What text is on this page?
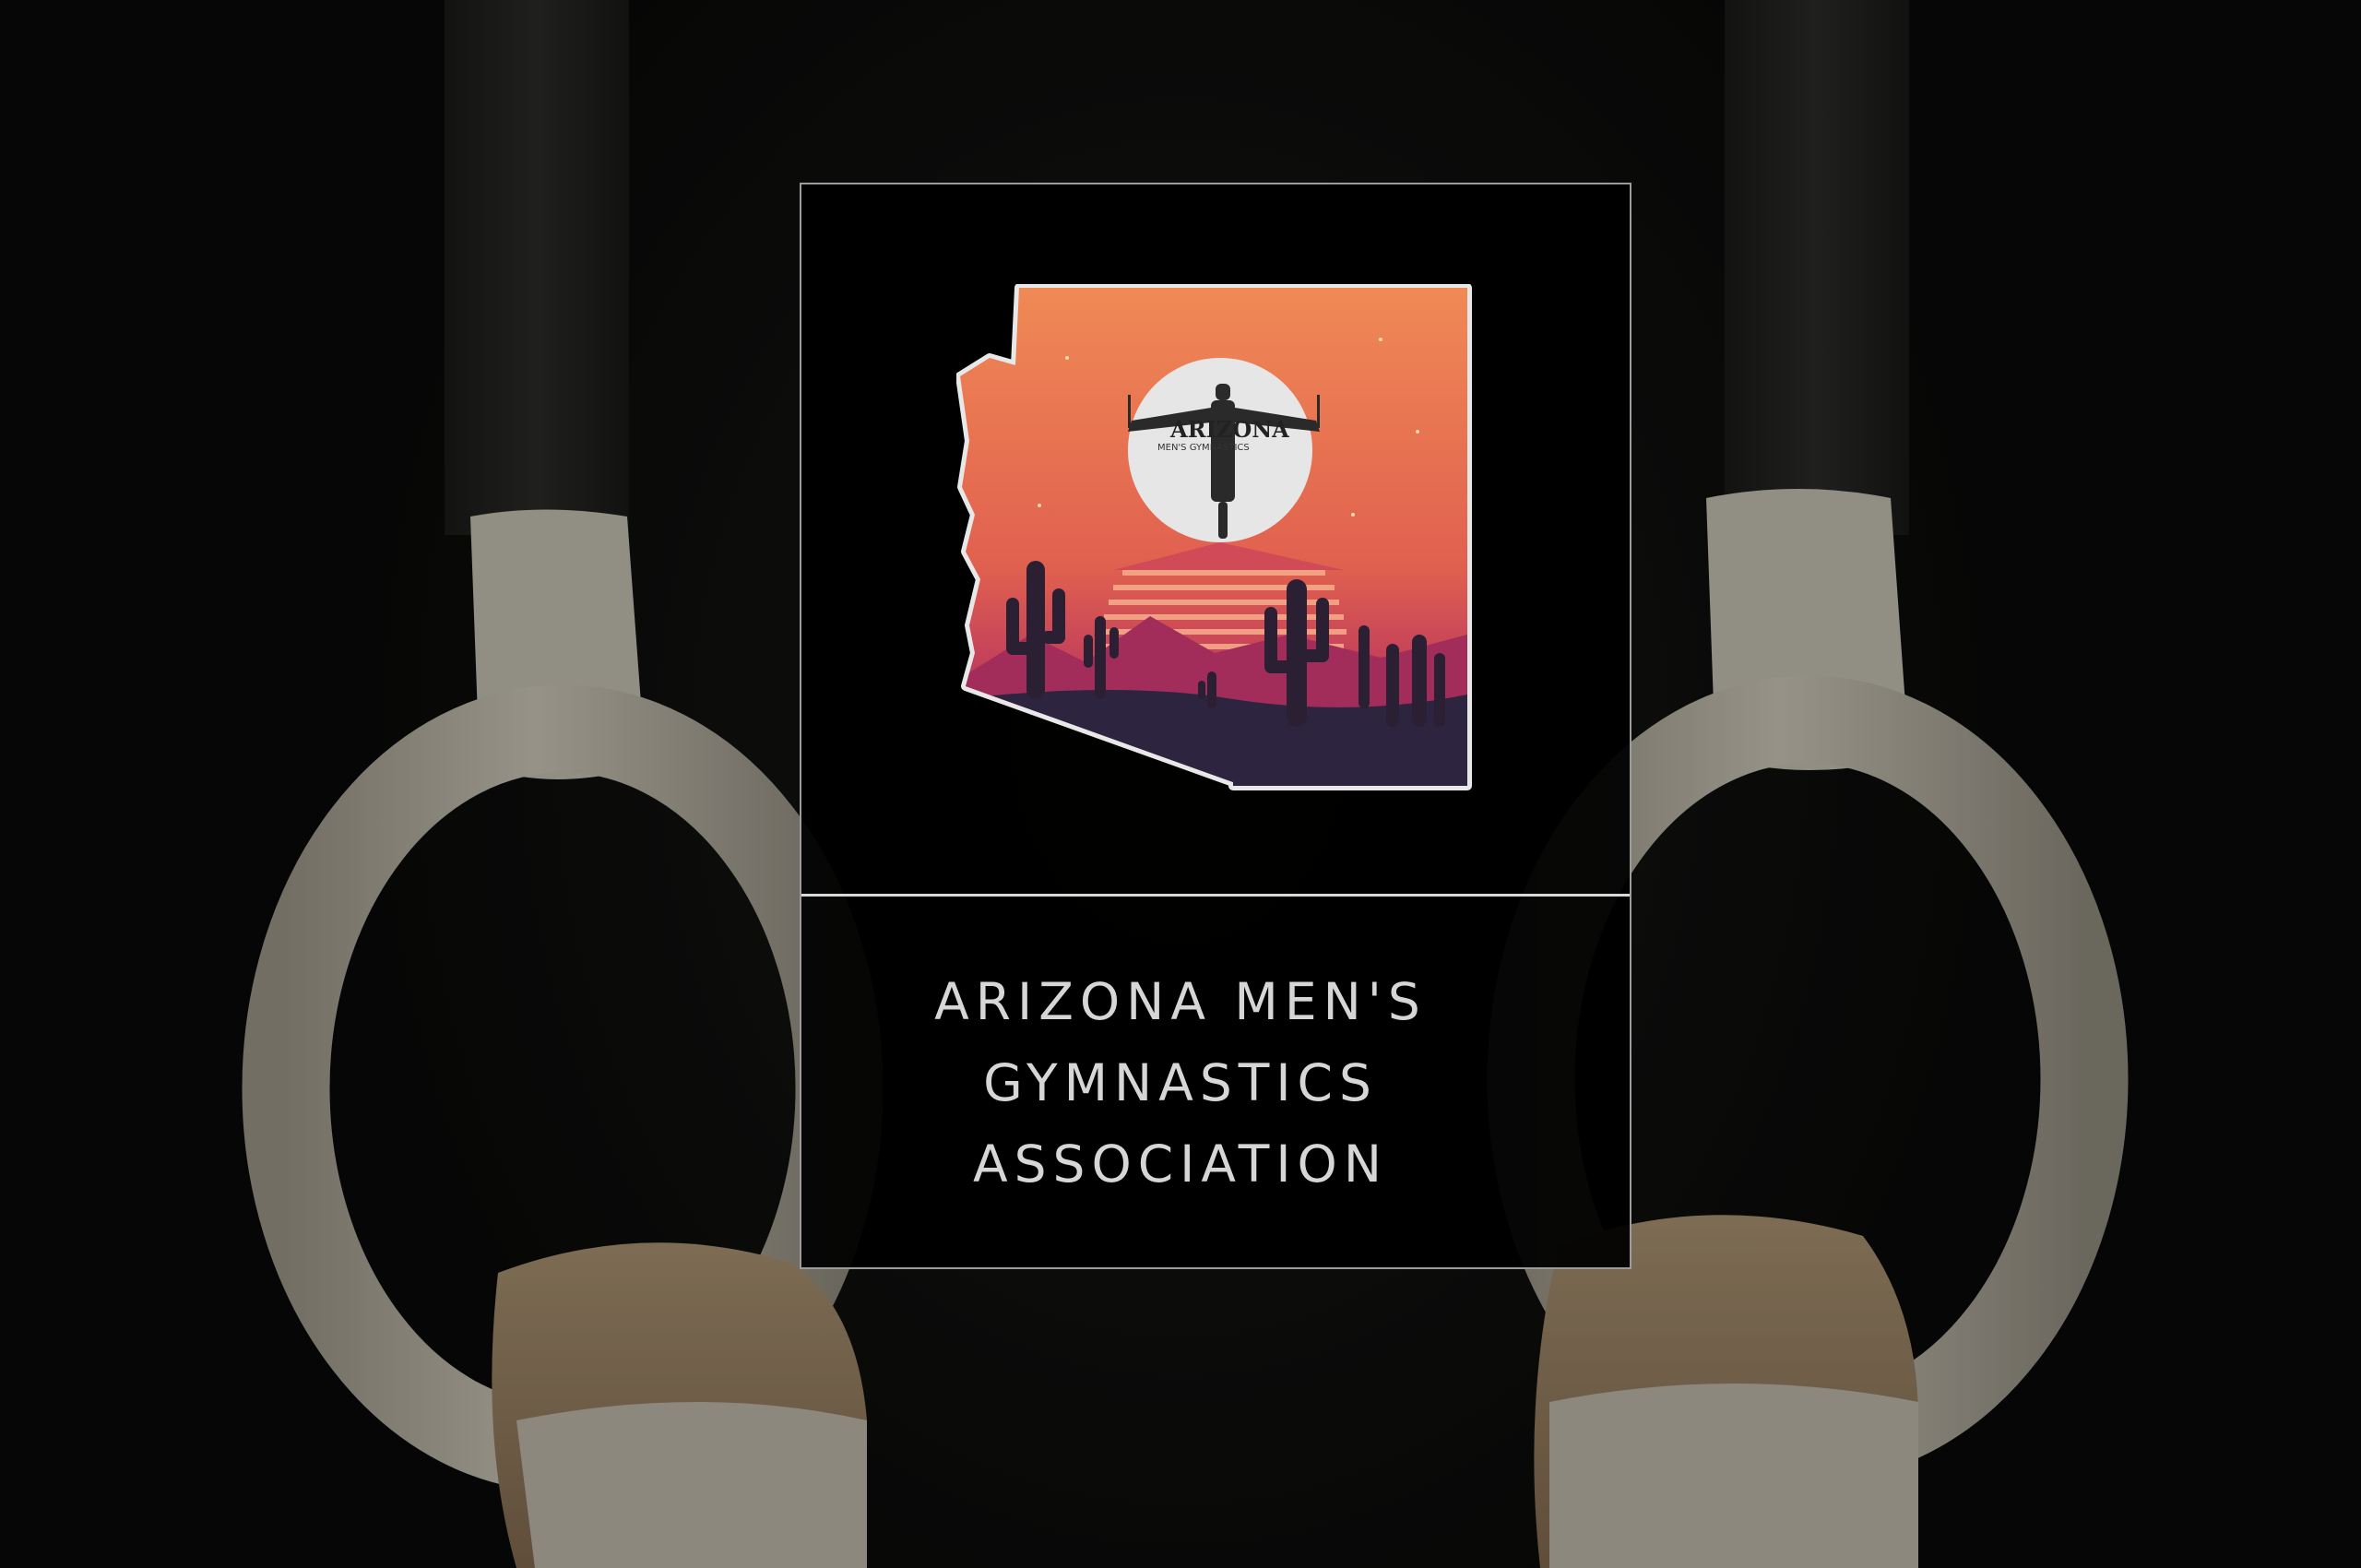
ARIZONA
MEN'S GYMNASTICS
ARIZONA MEN'S
GYMNASTICS
ASSOCIATION
